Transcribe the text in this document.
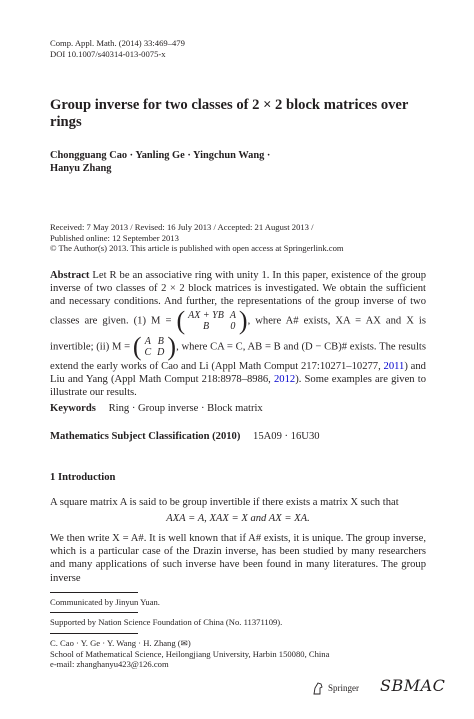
Comp. Appl. Math. (2014) 33:469–479
DOI 10.1007/s40314-013-0075-x
Group inverse for two classes of 2 × 2 block matrices over rings
Chongguang Cao · Yanling Ge · Yingchun Wang ·
Hanyu Zhang
Received: 7 May 2013 / Revised: 16 July 2013 / Accepted: 21 August 2013 /
Published online: 12 September 2013
© The Author(s) 2013. This article is published with open access at Springerlink.com
Abstract Let R be an associative ring with unity 1. In this paper, existence of the group inverse of two classes of 2 × 2 block matrices is investigated. We obtain the sufficient and necessary conditions. And further, the representations of the group inverse of two classes are given. (1) M = ( AX + YB	A
B	0 ), where A# exists, XA = AX and X is invertible; (ii) M = ( A	B
C	D ), where CA = C, AB = B and (D − CB)# exists. The results extend the early works of Cao and Li (Appl Math Comput 217:10271–10277, 2011) and Liu and Yang (Appl Math Comput 218:8978–8986, 2012). Some examples are given to illustrate our results.
Keywords Ring · Group inverse · Block matrix
Mathematics Subject Classification (2010) 15A09 · 16U30
1 Introduction
A square matrix A is said to be group invertible if there exists a matrix X such that
AXA = A, XAX = X and AX = XA.
We then write X = A#. It is well known that if A# exists, it is unique. The group inverse, which is a particular case of the Drazin inverse, has been studied by many researchers and many applications of such inverse have been found in many literatures. The group inverse
Communicated by Jinyun Yuan.
Supported by Nation Science Foundation of China (No. 11371109).
C. Cao · Y. Ge · Y. Wang · H. Zhang (✉)
School of Mathematical Science, Heilongjiang University, Harbin 150080, China
e-mail: zhanghanyu423@126.com
Springer SBMAC
